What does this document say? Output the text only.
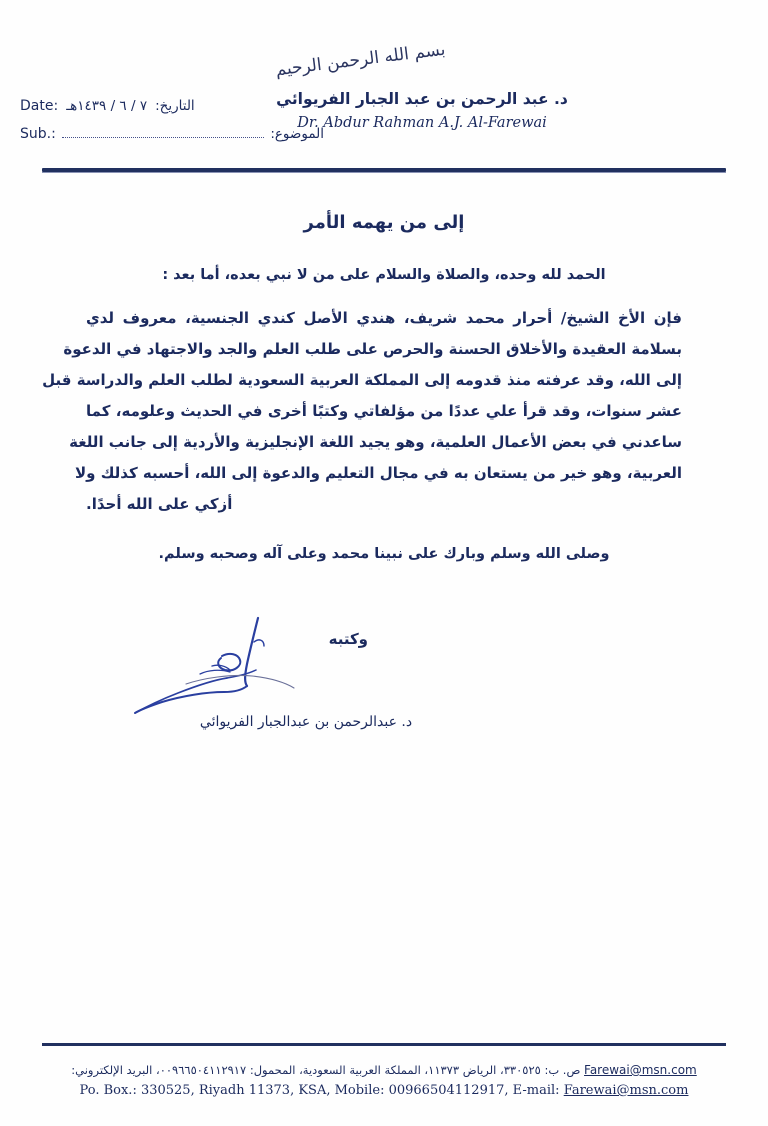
بسم الله الرحمن الرحيم
د. عبد الرحمن بن عبد الجبار الفريوائي
Dr. Abdur Rahman A.J. Al-Farewai
التاريخ:
٧ / ٦ / ١٤٣٩هـ
Date:
الموضوع:
Sub.:
إلى من يهمه الأمر
الحمد لله وحده، والصلاة والسلام على من لا نبي بعده، أما بعد :
فإن الأخ الشيخ/ أحرار محمد شريف، هندي الأصل كندي الجنسية، معروف لدي
بسلامة العقيدة والأخلاق الحسنة والحرص على طلب العلم والجد والاجتهاد في الدعوة
إلى الله، وقد عرفته منذ قدومه إلى المملكة العربية السعودية لطلب العلم والدراسة قبل
عشر سنوات، وقد قرأ علي عددًا من مؤلفاتي وكتبًا أخرى في الحديث وعلومه، كما
ساعدني في بعض الأعمال العلمية، وهو يجيد اللغة الإنجليزية والأردية إلى جانب اللغة
العربية، وهو خير من يستعان به في مجال التعليم والدعوة إلى الله، أحسبه كذلك ولا
أزكي على الله أحدًا.
وصلى الله وسلم وبارك على نبينا محمد وعلى آله وصحبه وسلم.
وكتبه
د. عبدالرحمن بن عبدالجبار الفريوائي
Farewai@msn.com ص. ب: ٣٣٠٥٢٥، الرياض ١١٣٧٣، المملكة العربية السعودية، المحمول: ٠٠٩٦٦٥٠٤١١٢٩١٧، البريد الإلكتروني:
Po. Box.: 330525, Riyadh 11373, KSA, Mobile: 00966504112917, E-mail: Farewai@msn.com
